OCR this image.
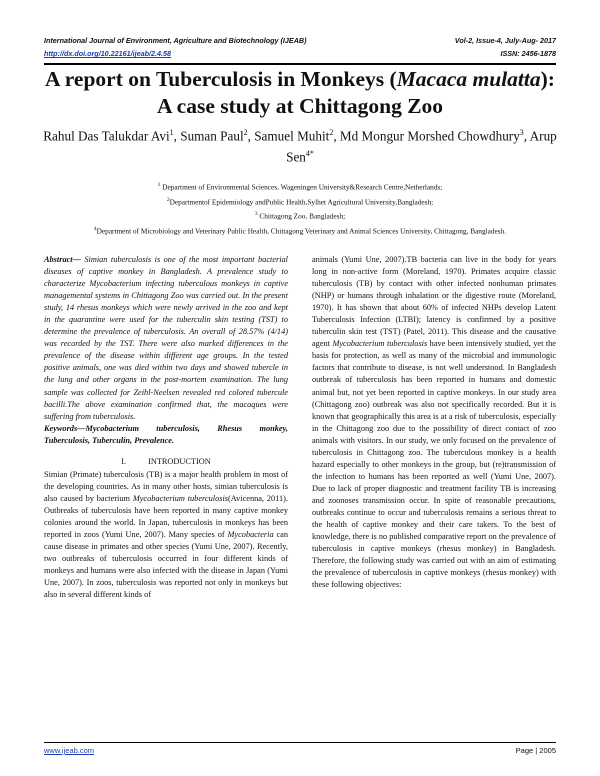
International Journal of Environment, Agriculture and Biotechnology (IJEAB)	Vol-2, Issue-4, July-Aug- 2017
http://dx.doi.org/10.22161/ijeab/2.4.58	ISSN: 2456-1878
A report on Tuberculosis in Monkeys (Macaca mulatta): A case study at Chittagong Zoo
Rahul Das Talukdar Avi$^1$, Suman Paul$^2$, Samuel Muhit$^2$, Md Mongur Morshed Chowdhury$^3$, Arup Sen$^{4*}$
$^1$ Department of Environmental Sciences, Wageningen University&Research Centre,Netherlands;
$^2$Departmentof Epidemiology andPublic Health,Sylhet Agricultural University,Bangladesh;
$^3$ Chittagong Zoo, Bangladesh;
$^4$Department of Microbiology and Veterinary Public Health, Chittagong Veterinary and Animal Sciences University, Chittagong, Bangladesh.

Abstract— Simian tuberculosis is one of the most important bacterial diseases of captive monkey in Bangladesh. A prevalence study to characterize Mycobacterium infecting tuberculous monkeys in captive managemental systems in Chittagong Zoo was carried out. In the present study, 14 rhesus monkeys which were newly arrived in the zoo and kept in the quarantine were used for the tuberculin skin testing (TST) to determine the prevalence of tuberculosis. An overall of 28.57% (4/14) was recorded by the TST. There were also marked differences in the prevalence of the disease within different age groups. In the tested positive animals, one was died within two days and showed tubercle in the lung and other organs in the post-mortem examination. The lung sample was collected for Zeihl-Neelsen revealed red colored tubercule bacilli.The above examination confirmed that, the macaques were suffering from tuberculosis.

Keywords—Mycobacterium tuberculosis, Rhesus monkey, Tuberculosis, Tuberculin, Prevalence.

I.	INTRODUCTION

Simian (Primate) tuberculosis (TB) is a major health problem in most of the developing countries. As in many other hosts, simian tuberculosis is also caused by bacterium Mycobacterium tuberculosis(Avicenna, 2011). Outbreaks of tuberculosis have been reported in many captive monkey colonies around the world. In Japan, tuberculosis in monkeys has been reported in zoos (Yumi Une, 2007). Many species of Mycobacteria can cause disease in primates and other species (Yumi Une, 2007). Recently, two outbreaks of tuberculosis occurred in four different kinds of monkeys and humans were also infected with the disease in Japan (Yumi Une, 2007). In zoos, tuberculosis was reported not only in monkeys but also in several different kinds of

animals (Yumi Une, 2007).TB bacteria can live in the body for years long in non-active form (Moreland, 1970). Primates acquire classic tuberculosis (TB) by contact with other infected nonhuman primates (NHP) or humans through inhalation or the digestive route (Moreland, 1970). It has shown that about 60% of infected NHPs develop Latent Tuberculosis Infection (LTBI); latency is confirmed by a positive tuberculin skin test (TST) (Patel, 2011). This disease and the causative agent Mycobacterium tuberculosis have been intensively studied, yet the basis for protection, as well as many of the microbial and immunologic factors that contribute to disease, is not well understood. In Bangladesh outbreak of tuberculosis has been reported in humans and domestic animal but, not yet been reported in captive monkeys. In our study area (Chittagong zoo) outbreak was also not specifically recorded. But it is known that geographically this area is at a risk of tuberculosis, especially in the Chittagong zoo due to the possibility of direct contact of zoo animals with visitors. In our study, we only focused on the prevalence of tuberculosis in Chittagong zoo. The tuberculous monkey is a health hazard especially to other monkeys in the group, but (re)transmission of the infection to humans has been reported as well (Yumi Une, 2007). Due to lack of proper diagnostic and treatment facility TB is increasing and zoonoses transmission occur. In spite of reasonable precautions, outbreaks continue to occur and tuberculosis remains a serious threat to the health of captive monkey and their care takers. To the best of knowledge, there is no published comparative report on the prevalence of tuberculosis in captive monkeys (rhesus monkey) in Bangladesh. Therefore, the following study was carried out with an aim of estimating the prevalence of tuberculosis in captive monkeys (rhesus monkey) with these following objectives:

www.ijeab.com	Page | 2005
